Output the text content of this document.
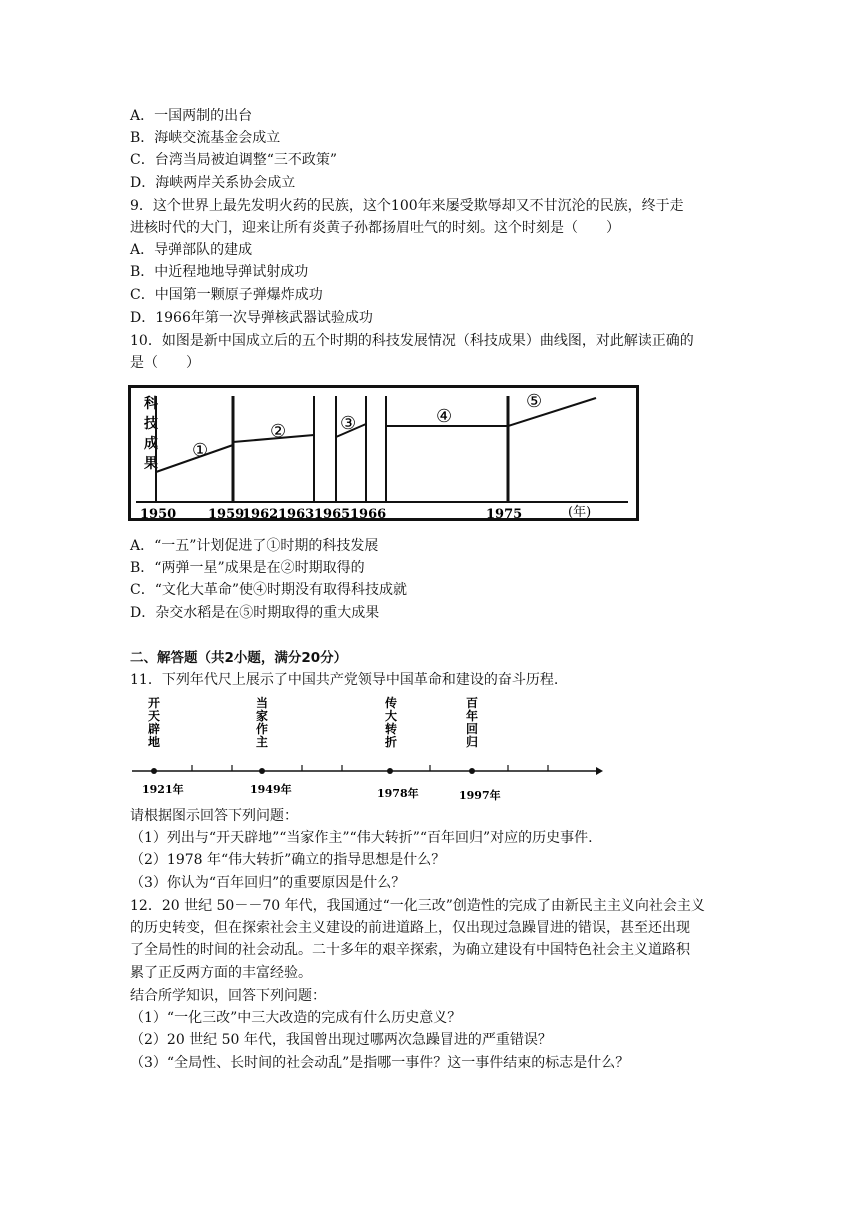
A．一国两制的出台
B．海峡交流基金会成立
C．台湾当局被迫调整“三不政策”
D．海峡两岸关系协会成立
9．这个世界上最先发明火药的民族，这个100年来屡受欺辱却又不甘沉沦的民族，终于走
进核时代的大门，迎来让所有炎黄子孙都扬眉吐气的时刻。这个时刻是（　　）
A．导弹部队的建成
B．中近程地地导弹试射成功
C．中国第一颗原子弹爆炸成功
D．1966年第一次导弹核武器试验成功
10．如图是新中国成立后的五个时期的科技发展情况（科技成果）曲线图，对此解读正确的
是（　　）
科
技
成
果
①
②	③	④
⑤
1950 1959
1962 1963 1965 1966	1975	(年)
A．“一五”计划促进了①时期的科技发展
B．“两弹一星”成果是在②时期取得的
C．“文化大革命”使④时期没有取得科技成就
D．杂交水稻是在⑤时期取得的重大成果
二、解答题（共2小题，满分20分）
11．下列年代尺上展示了中国共产党领导中国革命和建设的奋斗历程.
开
天
辟
地
当
家
作
主
传
大
转
折
百
年
回
归
1921年	1949年	1978年	1997年
请根据图示回答下列问题：
（1）列出与“开天辟地”“当家作主”“伟大转折”“百年回归”对应的历史事件.
（2）1978 年“伟大转折”确立的指导思想是什么？
（3）你认为“百年回归”的重要原因是什么？
12．20 世纪 50－－70 年代，我国通过“一化三改”创造性的完成了由新民主主义向社会主义
的历史转变，但在探索社会主义建设的前进道路上，仅出现过急躁冒进的错误，甚至还出现
了全局性的时间的社会动乱。二十多年的艰辛探索，为确立建设有中国特色社会主义道路积
累了正反两方面的丰富经验。
结合所学知识，回答下列问题：
（1）“一化三改”中三大改造的完成有什么历史意义？
（2）20 世纪 50 年代，我国曾出现过哪两次急躁冒进的严重错误？
（3）“全局性、长时间的社会动乱”是指哪一事件？这一事件结束的标志是什么？
